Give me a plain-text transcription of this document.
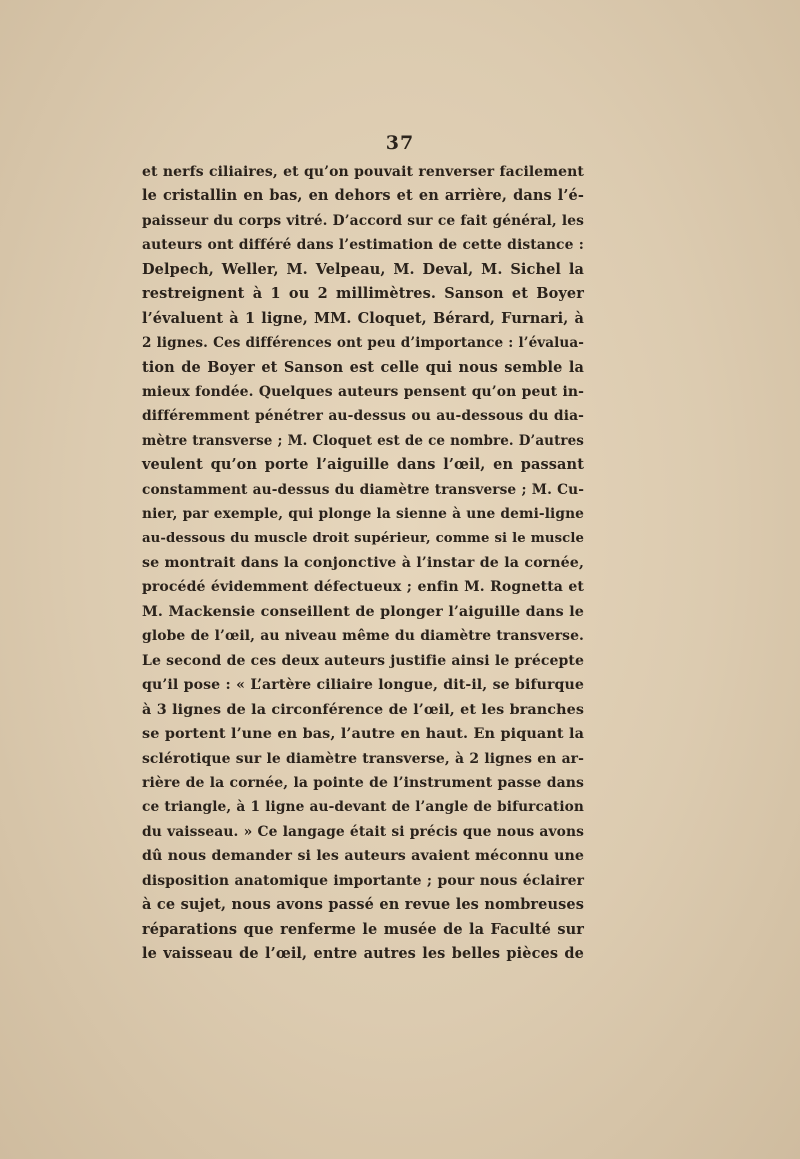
37
et nerfs ciliaires, et qu’on pouvait renverser facilement
le cristallin en bas, en dehors et en arrière, dans l’é-
paisseur du corps vitré. D’accord sur ce fait général, les
auteurs ont différé dans l’estimation de cette distance :
Delpech, Weller, M. Velpeau, M. Deval, M. Sichel la
restreignent à 1 ou 2 millimètres. Sanson et Boyer
l’évaluent à 1 ligne, MM. Cloquet, Bérard, Furnari, à
2 lignes. Ces différences ont peu d’importance : l’évalua-
tion de Boyer et Sanson est celle qui nous semble la
mieux fondée. Quelques auteurs pensent qu’on peut in-
différemment pénétrer au-dessus ou au-dessous du dia-
mètre transverse ; M. Cloquet est de ce nombre. D’autres
veulent qu’on porte l’aiguille dans l’œil, en passant
constamment au-dessus du diamètre transverse ; M. Cu-
nier, par exemple, qui plonge la sienne à une demi-ligne
au-dessous du muscle droit supérieur, comme si le muscle
se montrait dans la conjonctive à l’instar de la cornée,
procédé évidemment défectueux ; enfin M. Rognetta et
M. Mackensie conseillent de plonger l’aiguille dans le
globe de l’œil, au niveau même du diamètre transverse.
Le second de ces deux auteurs justifie ainsi le précepte
qu’il pose : « L’artère ciliaire longue, dit-il, se bifurque
à 3 lignes de la circonférence de l’œil, et les branches
se portent l’une en bas, l’autre en haut. En piquant la
sclérotique sur le diamètre transverse, à 2 lignes en ar-
rière de la cornée, la pointe de l’instrument passe dans
ce triangle, à 1 ligne au-devant de l’angle de bifurcation
du vaisseau. » Ce langage était si précis que nous avons
dû nous demander si les auteurs avaient méconnu une
disposition anatomique importante ; pour nous éclairer
à ce sujet, nous avons passé en revue les nombreuses
réparations que renferme le musée de la Faculté sur
le vaisseau de l’œil, entre autres les belles pièces de
